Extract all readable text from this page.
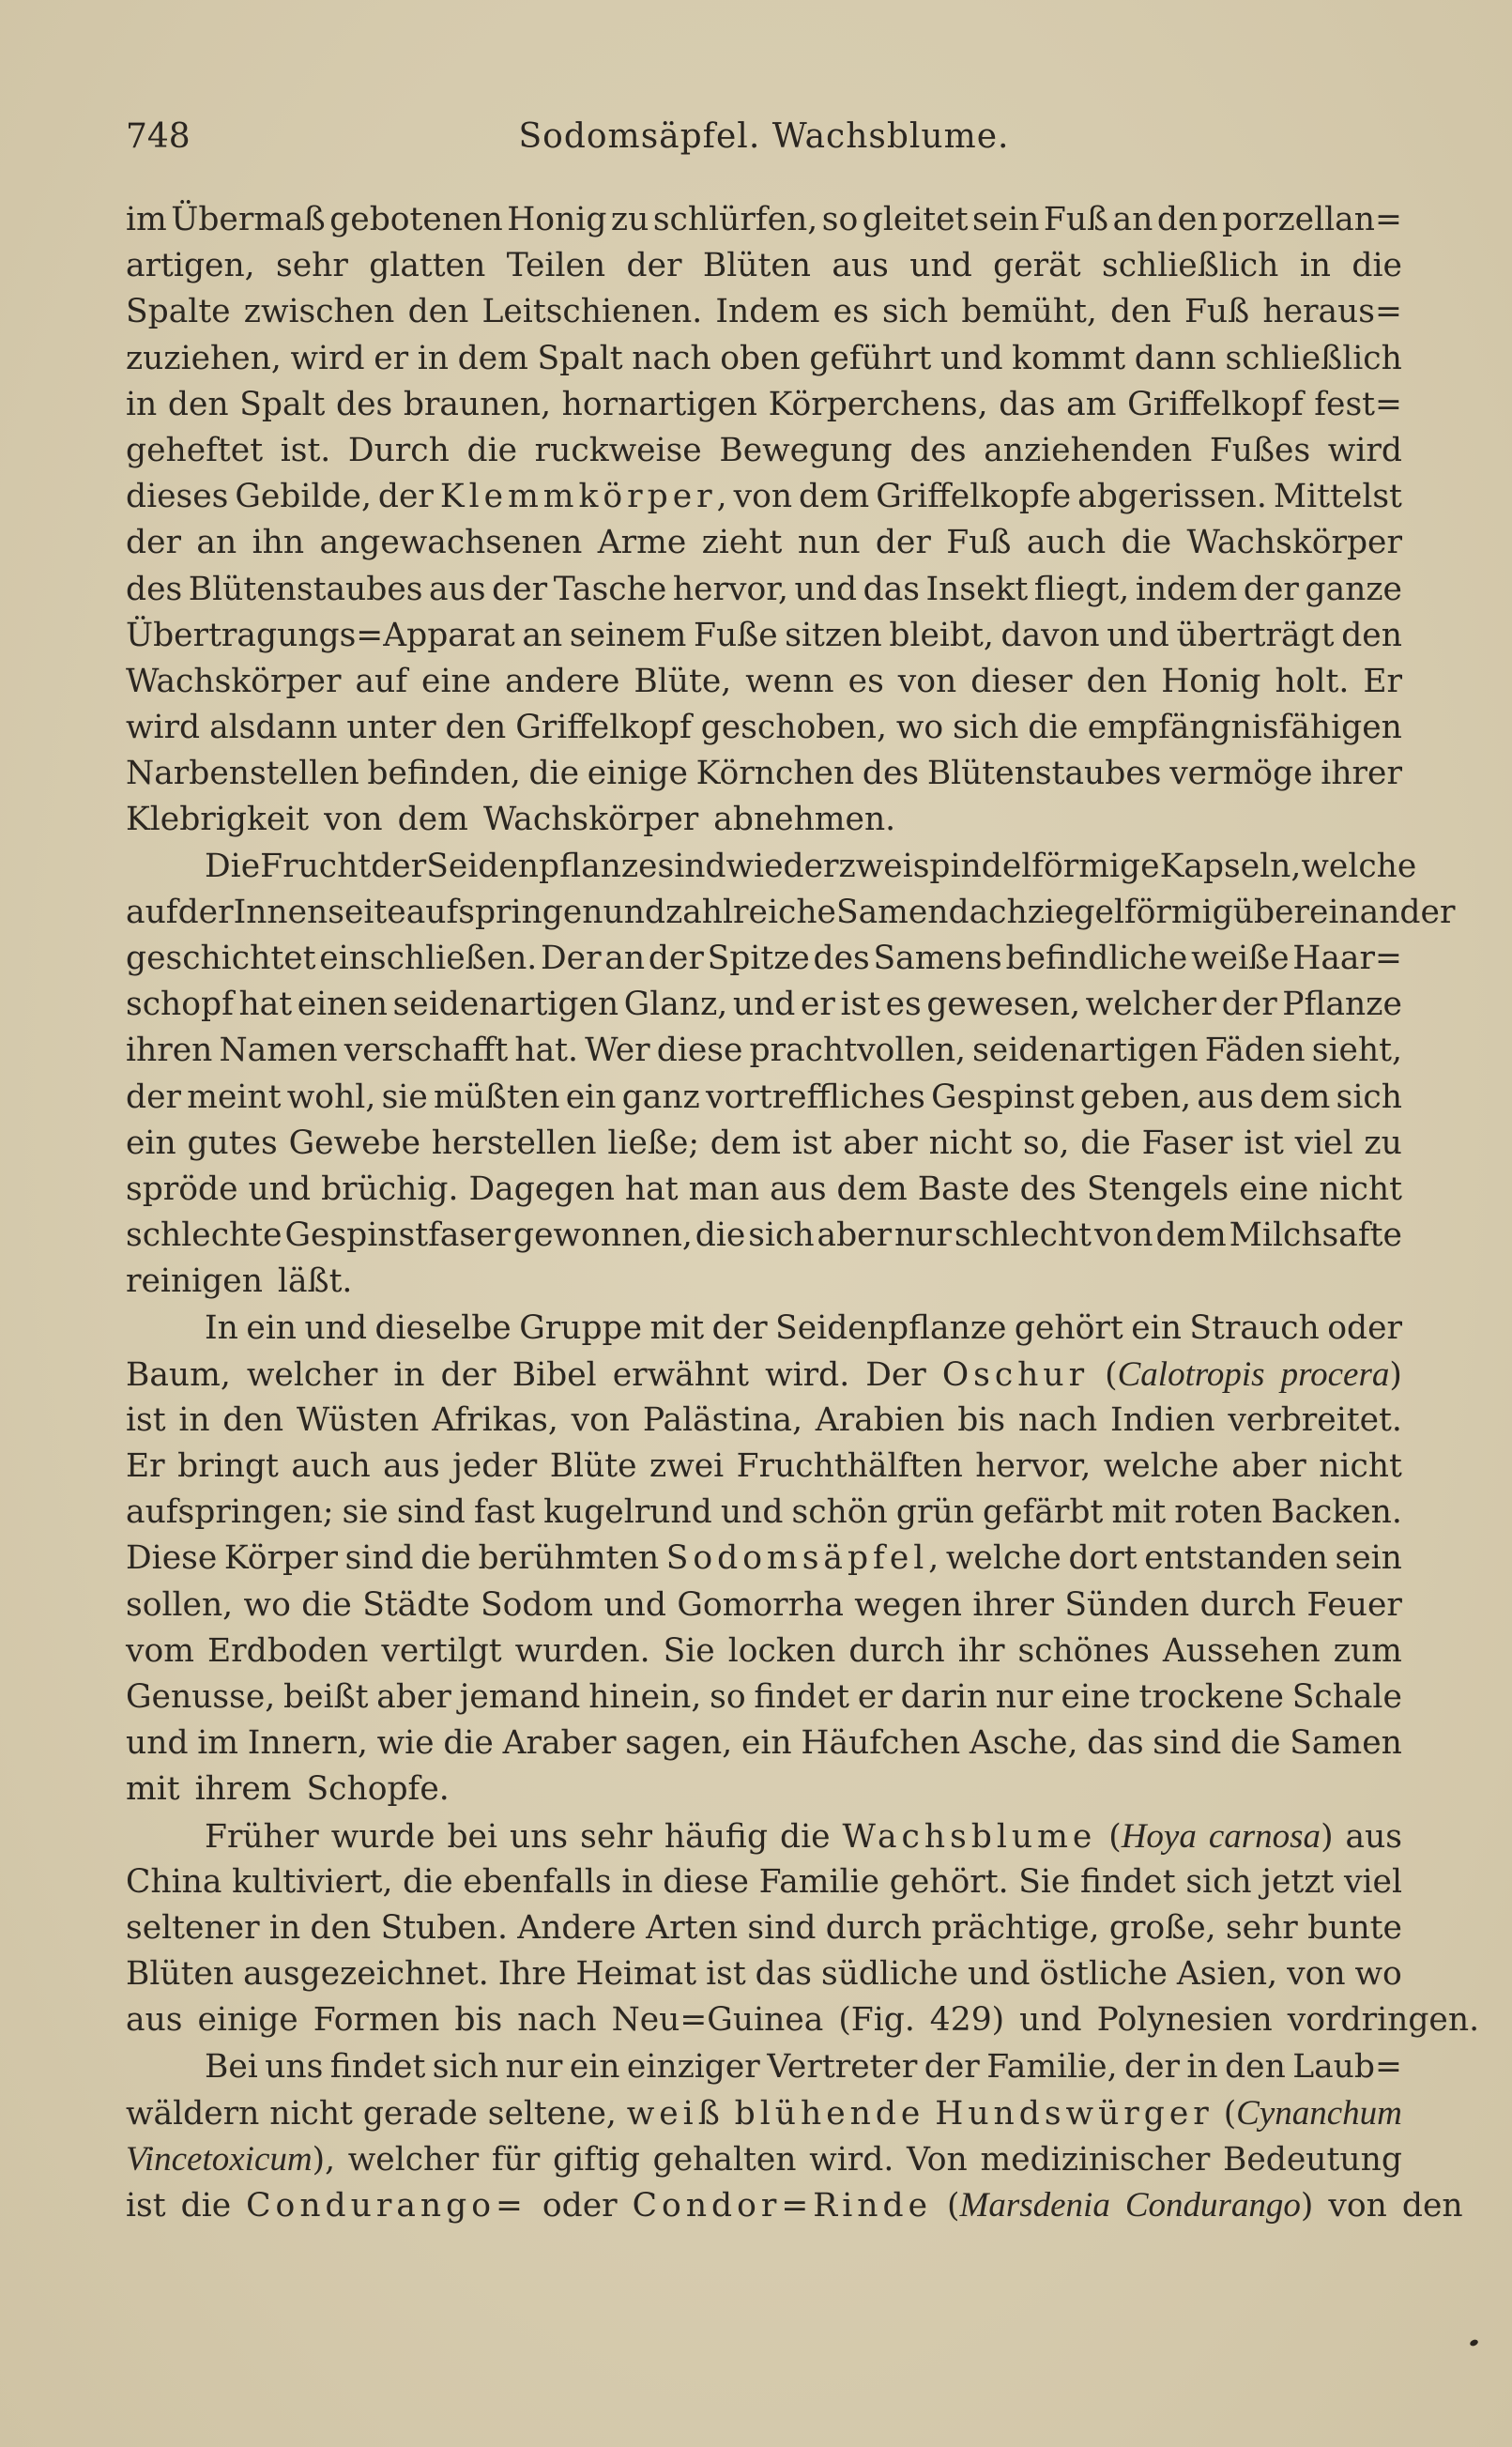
748	Sodomsäpfel. Wachsblume.
im Übermaß gebotenen Honig zu schlürfen, so gleitet sein Fuß an den porzellan=
artigen, sehr glatten Teilen der Blüten aus und gerät schließlich in die
Spalte zwischen den Leitschienen. Indem es sich bemüht, den Fuß heraus=
zuziehen, wird er in dem Spalt nach oben geführt und kommt dann schließlich
in den Spalt des braunen, hornartigen Körperchens, das am Griffelkopf fest=
geheftet ist. Durch die ruckweise Bewegung des anziehenden Fußes wird
dieses Gebilde, der Klemmkörper, von dem Griffelkopfe abgerissen. Mittelst
der an ihn angewachsenen Arme zieht nun der Fuß auch die Wachskörper
des Blütenstaubes aus der Tasche hervor, und das Insekt fliegt, indem der ganze
Übertragungs=Apparat an seinem Fuße sitzen bleibt, davon und überträgt den
Wachskörper auf eine andere Blüte, wenn es von dieser den Honig holt. Er
wird alsdann unter den Griffelkopf geschoben, wo sich die empfängnisfähigen
Narbenstellen befinden, die einige Körnchen des Blütenstaubes vermöge ihrer
Klebrigkeit von dem Wachskörper abnehmen.
Die Frucht der Seidenpflanze sind wieder zwei spindelförmige Kapseln, welche
auf der Innenseite aufspringen und zahlreiche Samen dachziegelförmig übereinander
geschichtet einschließen. Der an der Spitze des Samens befindliche weiße Haar=
schopf hat einen seidenartigen Glanz, und er ist es gewesen, welcher der Pflanze
ihren Namen verschafft hat. Wer diese prachtvollen, seidenartigen Fäden sieht,
der meint wohl, sie müßten ein ganz vortreffliches Gespinst geben, aus dem sich
ein gutes Gewebe herstellen ließe; dem ist aber nicht so, die Faser ist viel zu
spröde und brüchig. Dagegen hat man aus dem Baste des Stengels eine nicht
schlechte Gespinstfaser gewonnen, die sich aber nur schlecht von dem Milchsafte
reinigen läßt.
In ein und dieselbe Gruppe mit der Seidenpflanze gehört ein Strauch oder
Baum, welcher in der Bibel erwähnt wird. Der Oschur (Calotropis procera)
ist in den Wüsten Afrikas, von Palästina, Arabien bis nach Indien verbreitet.
Er bringt auch aus jeder Blüte zwei Fruchthälften hervor, welche aber nicht
aufspringen; sie sind fast kugelrund und schön grün gefärbt mit roten Backen.
Diese Körper sind die berühmten Sodomsäpfel, welche dort entstanden sein
sollen, wo die Städte Sodom und Gomorrha wegen ihrer Sünden durch Feuer
vom Erdboden vertilgt wurden. Sie locken durch ihr schönes Aussehen zum
Genusse, beißt aber jemand hinein, so findet er darin nur eine trockene Schale
und im Innern, wie die Araber sagen, ein Häufchen Asche, das sind die Samen
mit ihrem Schopfe.
Früher wurde bei uns sehr häufig die Wachsblume (Hoya carnosa) aus
China kultiviert, die ebenfalls in diese Familie gehört. Sie findet sich jetzt viel
seltener in den Stuben. Andere Arten sind durch prächtige, große, sehr bunte
Blüten ausgezeichnet. Ihre Heimat ist das südliche und östliche Asien, von wo
aus einige Formen bis nach Neu=Guinea (Fig. 429) und Polynesien vordringen.
Bei uns findet sich nur ein einziger Vertreter der Familie, der in den Laub=
wäldern nicht gerade seltene, weiß blühende Hundswürger (Cynanchum
Vincetoxicum), welcher für giftig gehalten wird. Von medizinischer Bedeutung
ist die Condurango= oder Condor=Rinde (Marsdenia Condurango) von den
